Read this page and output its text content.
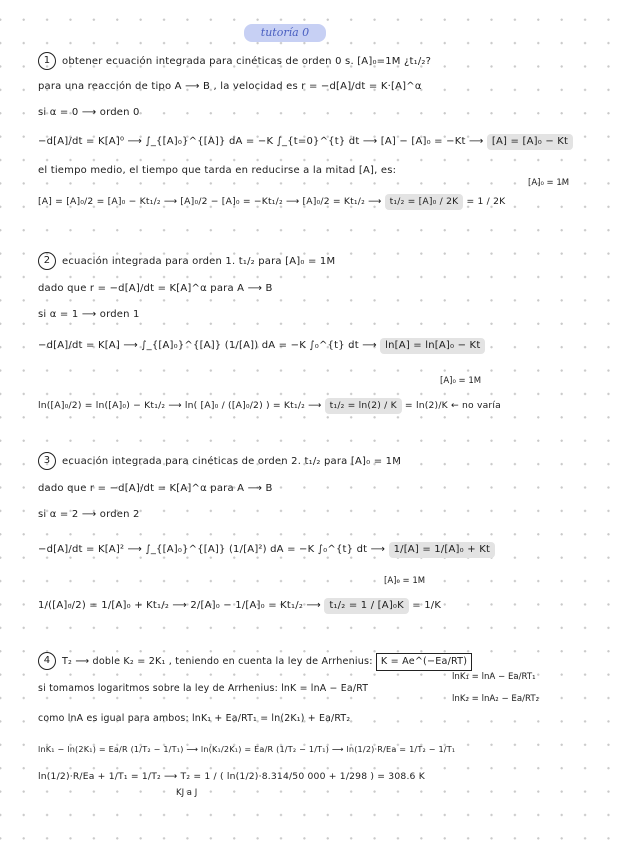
tutoría 0
1 obtener ecuación integrada para cinéticas de orden 0 s. [A]₀=1M ¿t₁/₂?
para una reacción de tipo A ⟶ B , la velocidad es r = −d[A]/dt = K·[A]^α
si α = 0 ⟶ orden 0
−d[A]/dt = K[A]⁰ ⟶ ∫_{[A]₀}^{[A]} dA = −K ∫_{t=0}^{t} dt ⟶ [A] − [A]₀ = −Kt ⟶ [A] = [A]₀ − Kt
el tiempo medio, el tiempo que tarda en reducirse a la mitad [A], es:
[A]₀ = 1M
[A] = [A]₀/2 = [A]₀ − Kt₁/₂ ⟶ [A]₀/2 − [A]₀ = −Kt₁/₂ ⟶ [A]₀/2 = Kt₁/₂ ⟶ t₁/₂ = [A]₀ / 2K = 1 / 2K
2 ecuación integrada para orden 1. t₁/₂ para [A]₀ = 1M
dado que r = −d[A]/dt = K[A]^α para A ⟶ B
si α = 1 ⟶ orden 1
−d[A]/dt = K[A] ⟶ ∫_{[A]₀}^{[A]} (1/[A]) dA = −K ∫₀^{t} dt ⟶ ln[A] = ln[A]₀ − Kt
[A]₀ = 1M
ln([A]₀/2) = ln([A]₀) − Kt₁/₂ ⟶ ln( [A]₀ / ([A]₀/2) ) = Kt₁/₂ ⟶ t₁/₂ = ln(2) / K = ln(2)/K ← no varía
3 ecuación integrada para cinéticas de orden 2. t₁/₂ para [A]₀ = 1M
dado que r = −d[A]/dt = K[A]^α para A ⟶ B
si α = 2 ⟶ orden 2
−d[A]/dt = K[A]² ⟶ ∫_{[A]₀}^{[A]} (1/[A]²) dA = −K ∫₀^{t} dt ⟶ 1/[A] = 1/[A]₀ + Kt
[A]₀ = 1M
1/([A]₀/2) = 1/[A]₀ + Kt₁/₂ ⟶ 2/[A]₀ − 1/[A]₀ = Kt₁/₂ ⟶ t₁/₂ = 1 / [A]₀K = 1/K
4 T₂ ⟶ doble K₂ = 2K₁ , teniendo en cuenta la ley de Arrhenius: K = Ae^(−Ea/RT)
si tomamos logaritmos sobre la ley de Arrhenius: lnK = lnA − Ea/RT
lnK₁ = lnA − Ea/RT₁
lnK₂ = lnA₂ − Ea/RT₂
como lnA es igual para ambos: lnK₁ + Ea/RT₁ = ln(2K₁) + Ea/RT₂
lnK₁ − ln(2K₁) = Ea/R (1/T₂ − 1/T₁) ⟶ ln(K₁/2K₁) = Ea/R (1/T₂ − 1/T₁) ⟶ ln(1/2)·R/Ea = 1/T₂ − 1/T₁
ln(1/2)·R/Ea + 1/T₁ = 1/T₂ ⟶ T₂ = 1 / ( ln(1/2)·8.314/50 000 + 1/298 ) = 308.6 K
KJ a J
